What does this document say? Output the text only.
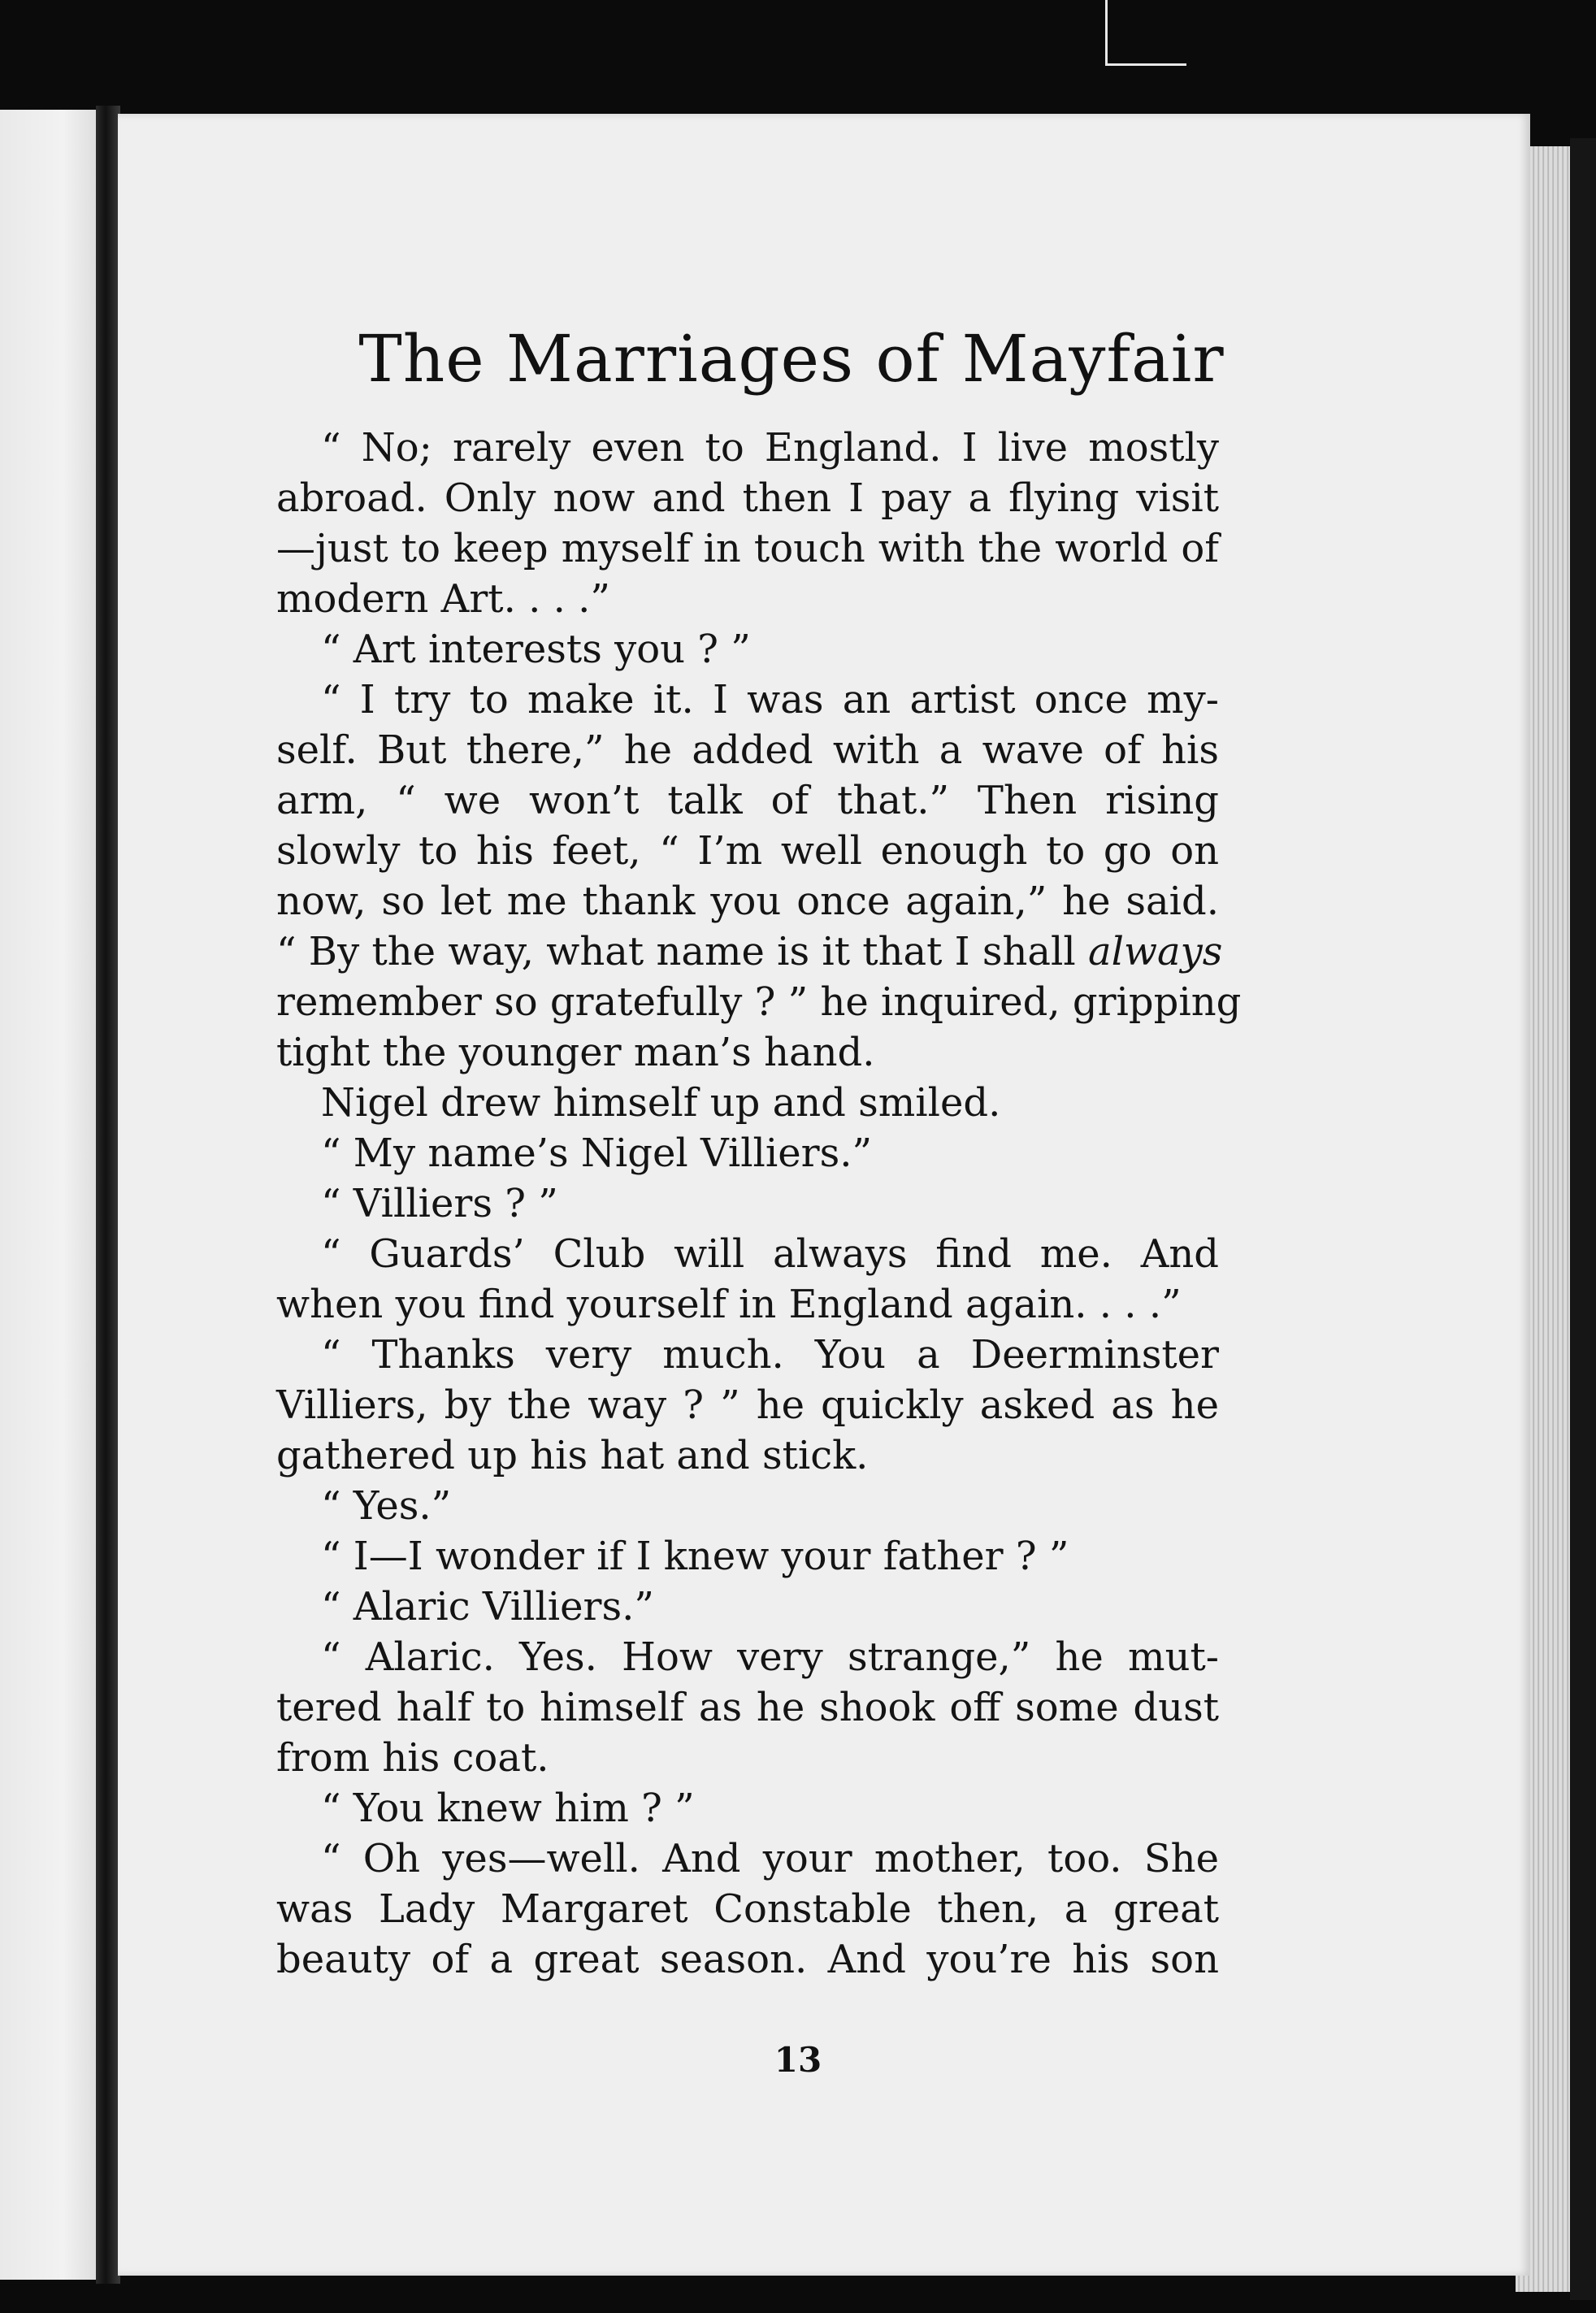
The Marriages of Mayfair
“ No; rarely even to England. I live mostly
abroad. Only now and then I pay a flying visit
—just to keep myself in touch with the world of
modern Art. . . .”
“ Art interests you ? ”
“ I try to make it. I was an artist once my-
self. But there,” he added with a wave of his
arm, “ we won’t talk of that.” Then rising
slowly to his feet, “ I’m well enough to go on
now, so let me thank you once again,” he said.
“ By the way, what name is it that I shall always
remember so gratefully ? ” he inquired, gripping
tight the younger man’s hand.
Nigel drew himself up and smiled.
“ My name’s Nigel Villiers.”
“ Villiers ? ”
“ Guards’ Club will always find me. And
when you find yourself in England again. . . .”
“ Thanks very much. You a Deerminster
Villiers, by the way ? ” he quickly asked as he
gathered up his hat and stick.
“ Yes.”
“ I—I wonder if I knew your father ? ”
“ Alaric Villiers.”
“ Alaric. Yes. How very strange,” he mut-
tered half to himself as he shook off some dust
from his coat.
“ You knew him ? ”
“ Oh yes—well. And your mother, too. She
was Lady Margaret Constable then, a great
beauty of a great season. And you’re his son
13
